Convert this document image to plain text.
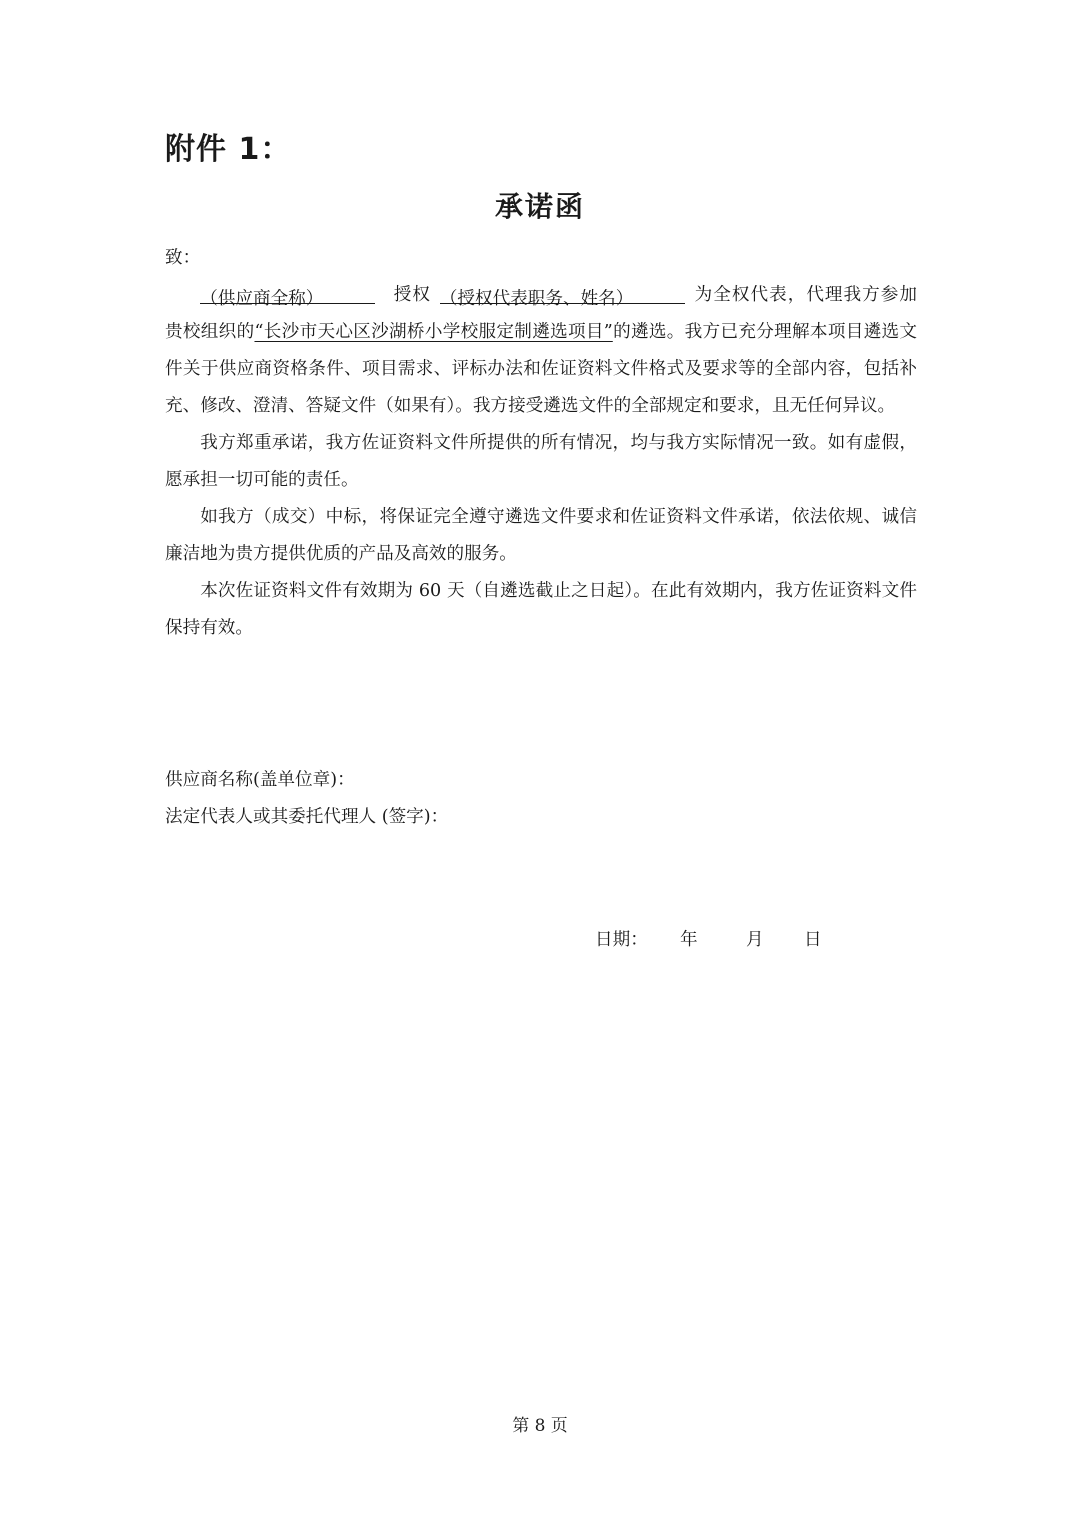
附件 1：
承诺函

致：

（供应商全称） 	授权  （授权代表职务、姓名） 	为全权代表，代理我方参加贵校组织的“长沙市天心区沙湖桥小学校服定制遴选项目”的遴选。我方已充分理解本项目遴选文件关于供应商资格条件、项目需求、评标办法和佐证资料文件格式及要求等的全部内容，包括补充、修改、澄清、答疑文件（如果有）。我方接受遴选文件的全部规定和要求，且无任何异议。

我方郑重承诺，我方佐证资料文件所提供的所有情况，均与我方实际情况一致。如有虚假，愿承担一切可能的责任。

如我方（成交）中标，将保证完全遵守遴选文件要求和佐证资料文件承诺，依法依规、诚信廉洁地为贵方提供优质的产品及高效的服务。

本次佐证资料文件有效期为 60 天（自遴选截止之日起）。在此有效期内，我方佐证资料文件保持有效。

供应商名称(盖单位章)：
法定代表人或其委托代理人 (签字)：
日期： 年	月 日
第 8 页
